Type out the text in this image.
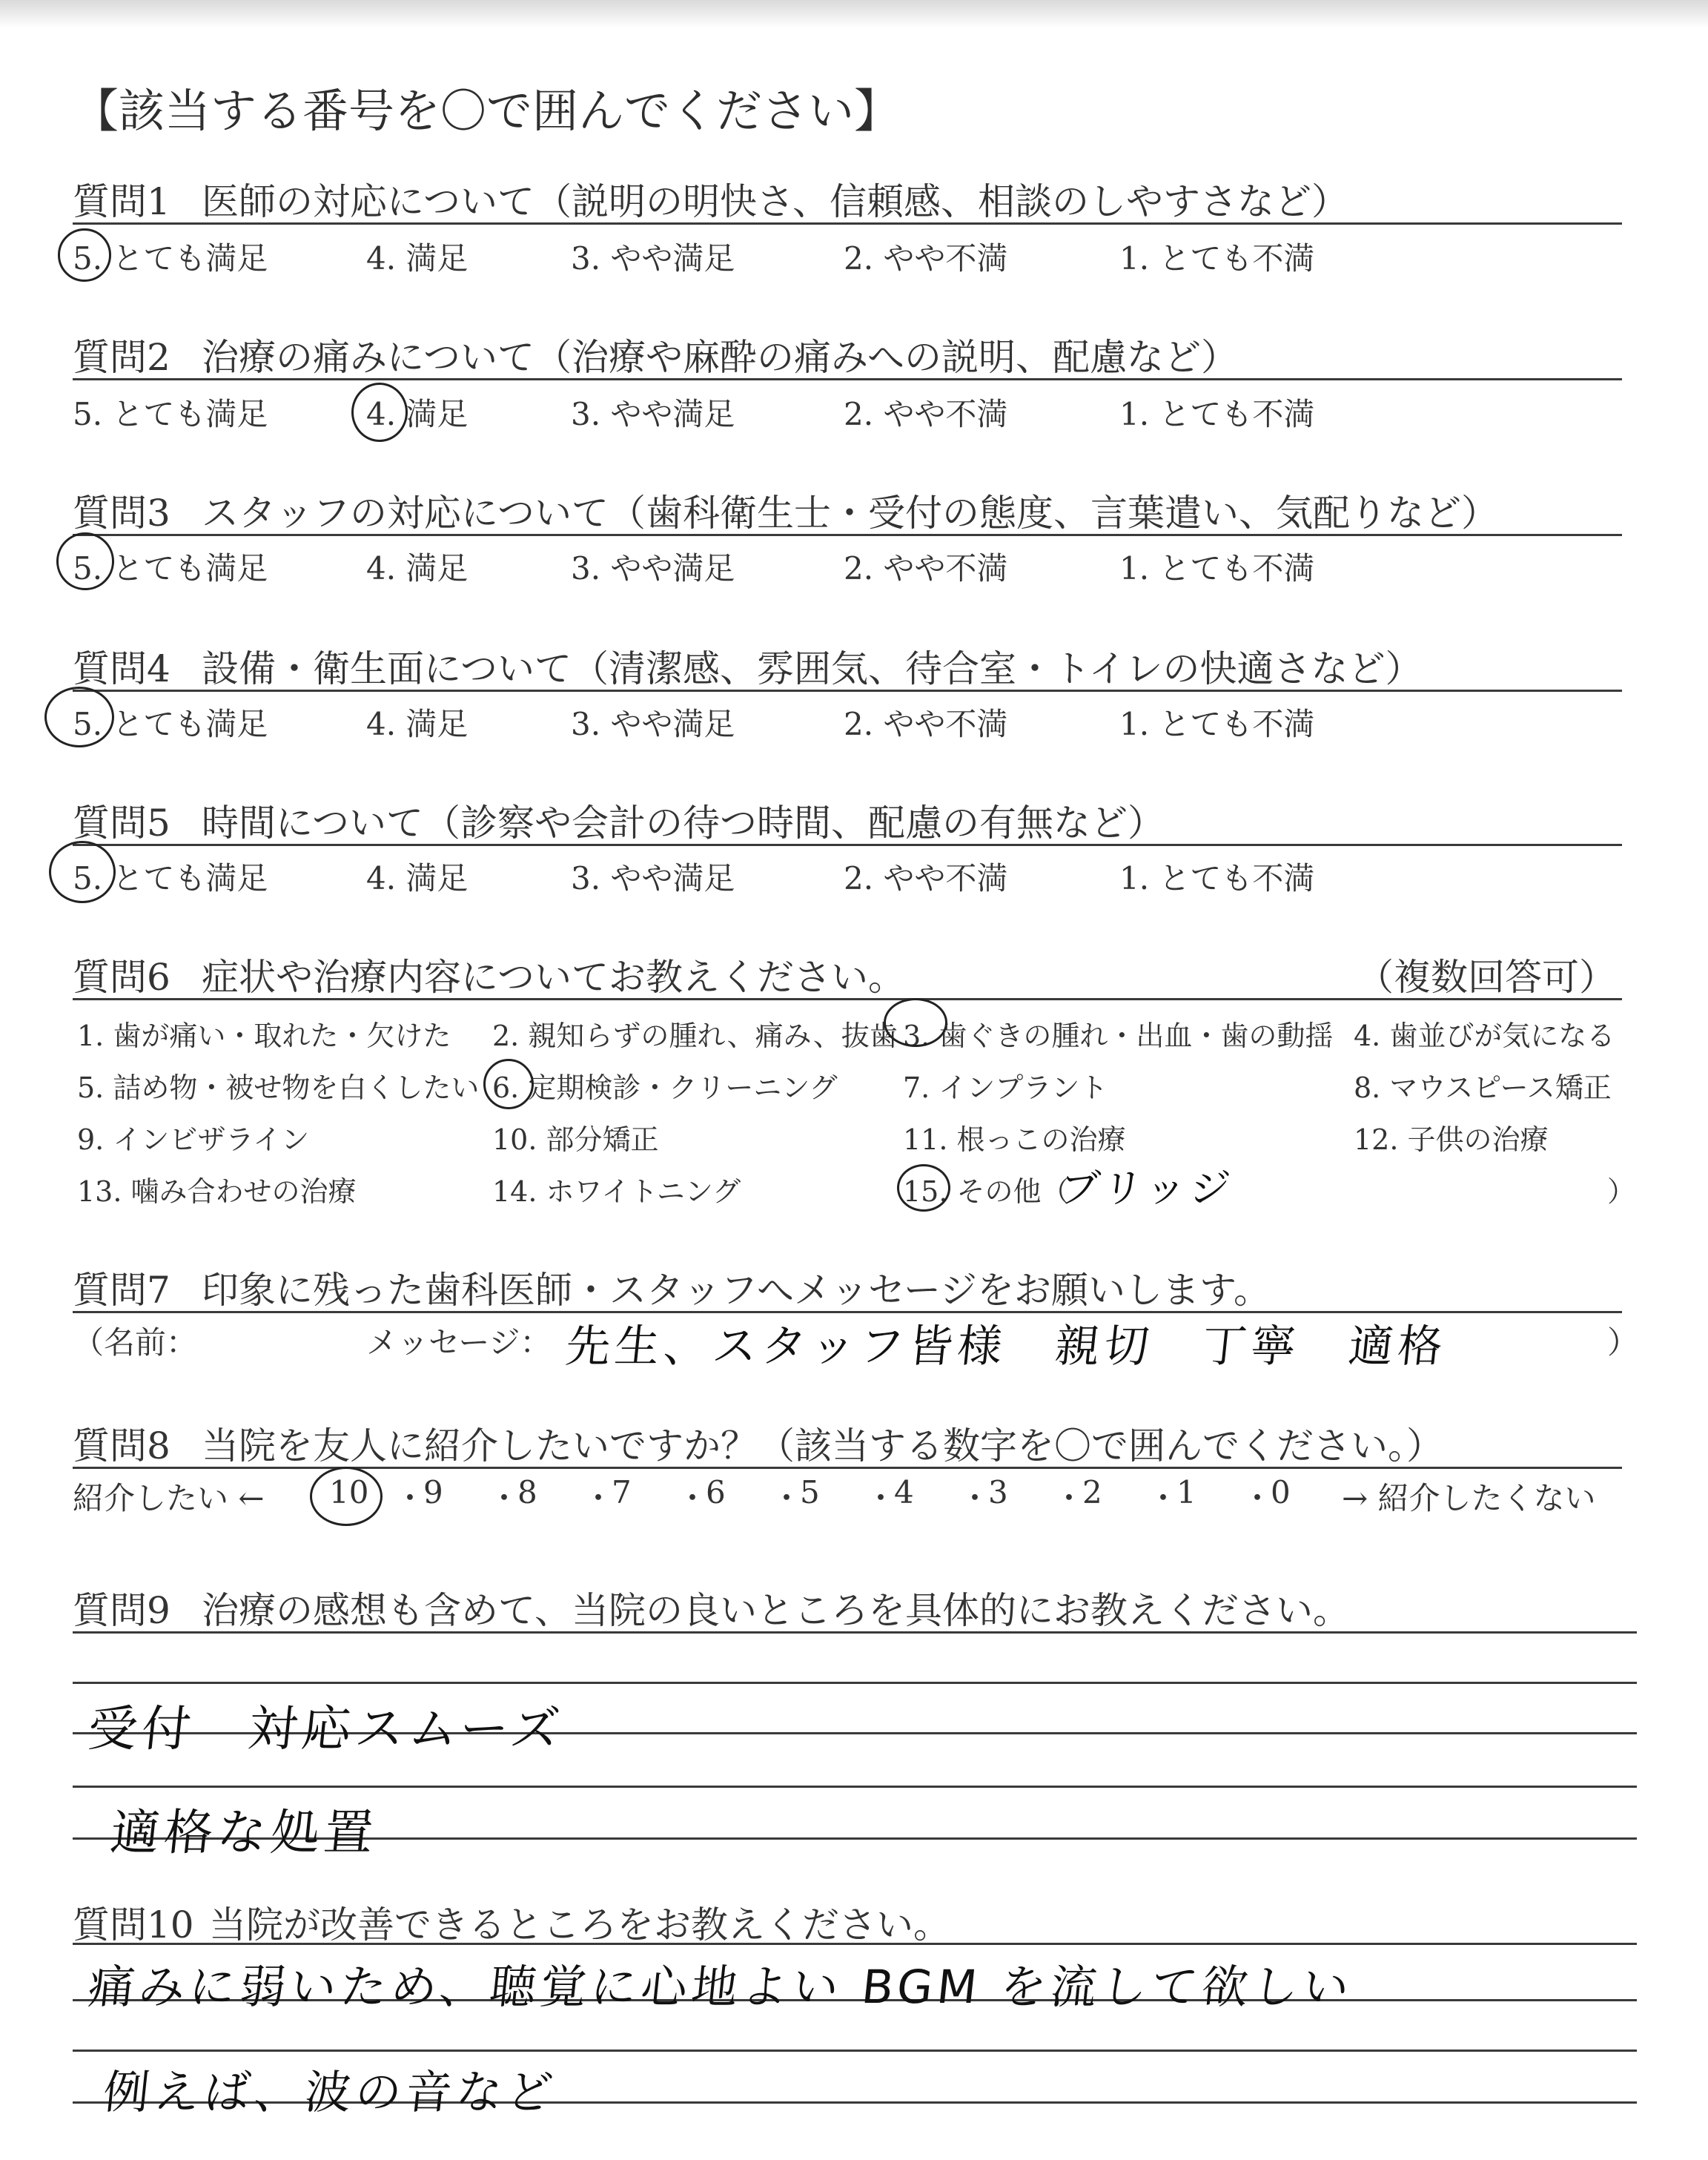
【該当する番号を〇で囲んでください】
質問1 医師の対応について（説明の明快さ、信頼感、相談のしやすさなど）
5. とても満足	4. 満足	3. やや満足	2. やや不満	1. とても不満
質問2 治療の痛みについて（治療や麻酔の痛みへの説明、配慮など）
5. とても満足	4. 満足	3. やや満足	2. やや不満	1. とても不満
質問3 スタッフの対応について（歯科衛生士・受付の態度、言葉遣い、気配りなど）
5. とても満足	4. 満足	3. やや満足	2. やや不満	1. とても不満
質問4 設備・衛生面について（清潔感、雰囲気、待合室・トイレの快適さなど）
5. とても満足	4. 満足	3. やや満足	2. やや不満	1. とても不満
質問5 時間について（診察や会計の待つ時間、配慮の有無など）
5. とても満足	4. 満足	3. やや満足	2. やや不満	1. とても不満
質問6 症状や治療内容についてお教えください。	（複数回答可）
1. 歯が痛い・取れた・欠けた 2. 親知らずの腫れ、痛み、抜歯 3. 歯ぐきの腫れ・出血・歯の動揺 4. 歯並びが気になる
5. 詰め物・被せ物を白くしたい 6. 定期検診・クリーニング 7. インプラント	8. マウスピース矯正
9. インビザライン	10. 部分矯正	11. 根っこの治療	12. 子供の治療
13. 噛み合わせの治療	14. ホワイトニング	15. その他（
ブリッジ	）
質問7 印象に残った歯科医師・スタッフへメッセージをお願いします。
（名前：	メッセージ： 先生、スタッフ皆様　親切　丁寧　適格	）
質問8 当院を友人に紹介したいですか？（該当する数字を〇で囲んでください。）
紹介したい ← 10 ・
9 ・
8 ・
7 ・
6 ・
5 ・
4 ・
3 ・
2 ・
1 ・
0 → 紹介したくない
質問9 治療の感想も含めて、当院の良いところを具体的にお教えください。
受付　対応スムーズ
適格な処置
質問10 当院が改善できるところをお教えください。
痛みに弱いため、聴覚に心地よい BGM を流して欲しい
例えば、波の音など
